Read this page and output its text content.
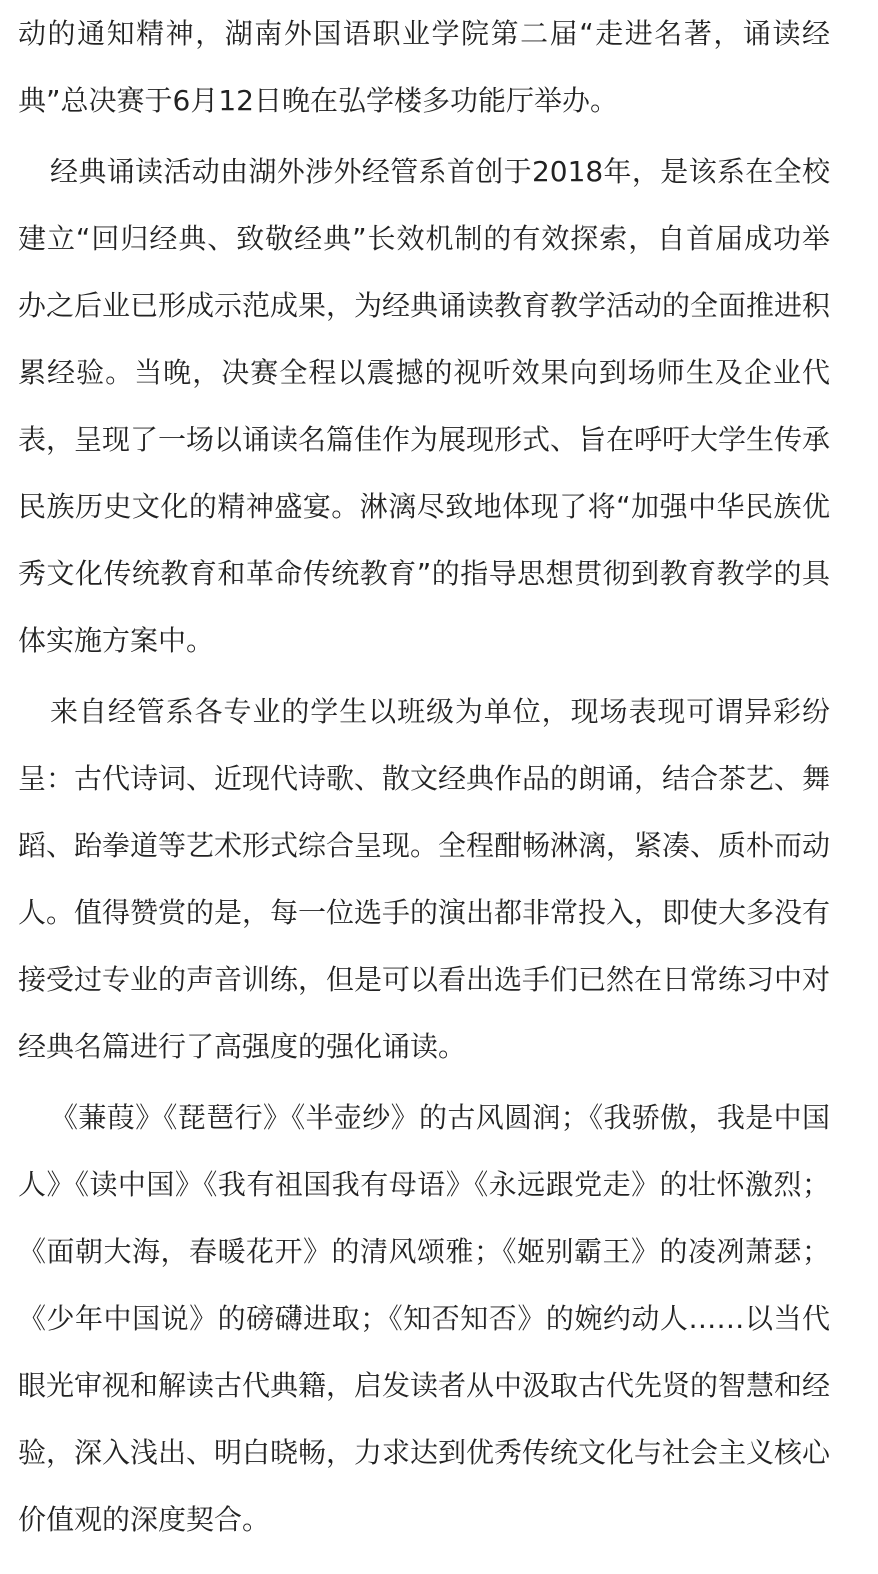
动的通知精神，湖南外国语职业学院第二届“走进名著，诵读经典”总决赛于6月12日晚在弘学楼多功能厅举办。

经典诵读活动由湖外涉外经管系首创于2018年，是该系在全校建立“回归经典、致敬经典”长效机制的有效探索，自首届成功举办之后业已形成示范成果，为经典诵读教育教学活动的全面推进积累经验。当晚，决赛全程以震撼的视听效果向到场师生及企业代表，呈现了一场以诵读名篇佳作为展现形式、旨在呼吁大学生传承民族历史文化的精神盛宴。淋漓尽致地体现了将“加强中华民族优秀文化传统教育和革命传统教育”的指导思想贯彻到教育教学的具体实施方案中。

来自经管系各专业的学生以班级为单位，现场表现可谓异彩纷呈：古代诗词、近现代诗歌、散文经典作品的朗诵，结合茶艺、舞蹈、跆拳道等艺术形式综合呈现。全程酣畅淋漓，紧凑、质朴而动人。值得赞赏的是，每一位选手的演出都非常投入，即使大多没有接受过专业的声音训练，但是可以看出选手们已然在日常练习中对经典名篇进行了高强度的强化诵读。

《蒹葭》《琵琶行》《半壶纱》的古风圆润；《我骄傲，我是中国人》《读中国》《我有祖国我有母语》《永远跟党走》的壮怀激烈；《面朝大海，春暖花开》的清风颂雅；《姬别霸王》的凌冽萧瑟；《少年中国说》的磅礴进取；《知否知否》的婉约动人……以当代眼光审视和解读古代典籍，启发读者从中汲取古代先贤的智慧和经验，深入浅出、明白晓畅，力求达到优秀传统文化与社会主义核心价值观的深度契合。
